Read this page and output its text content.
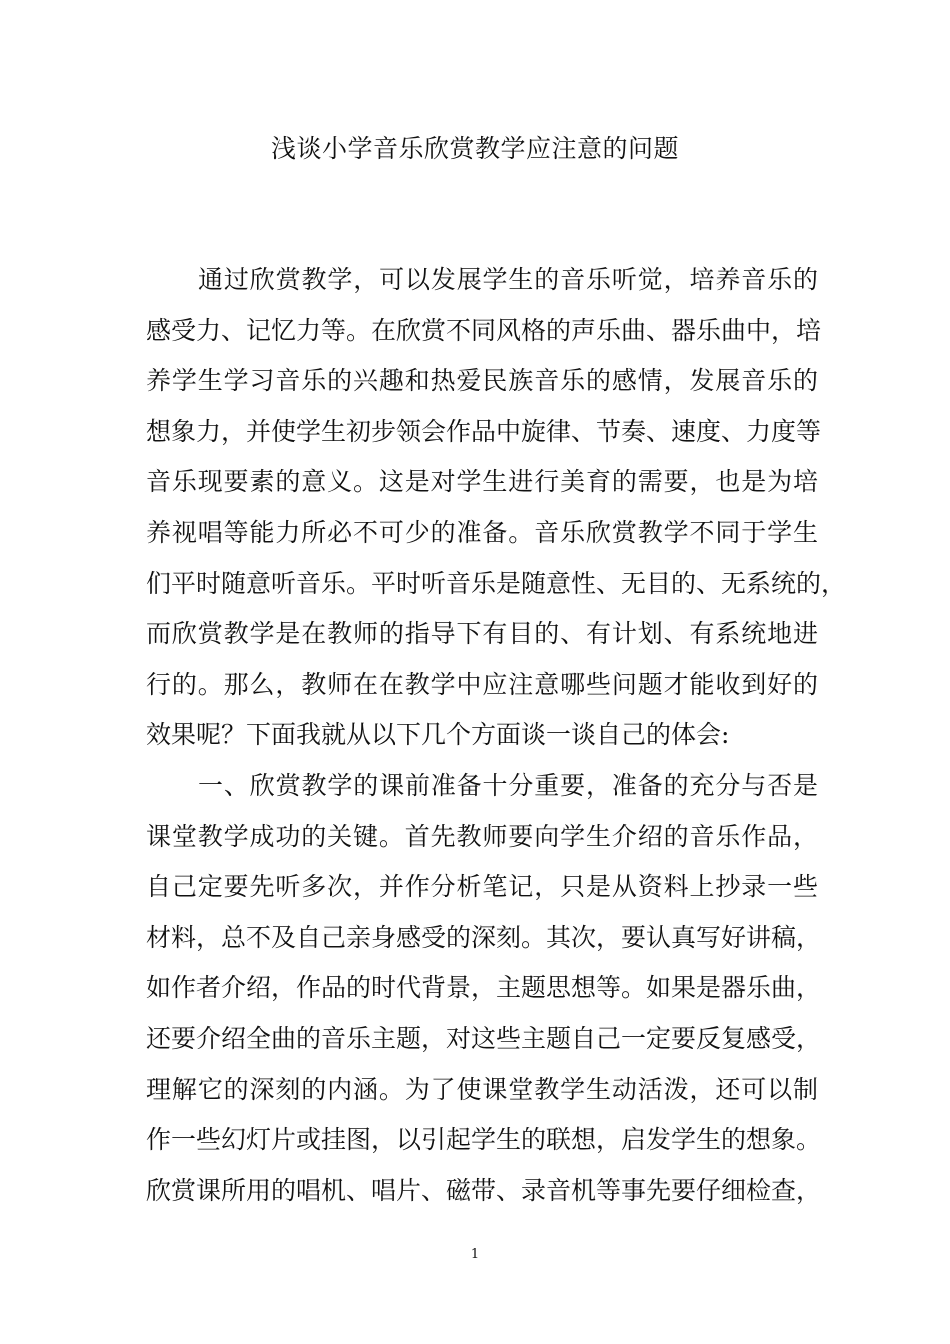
浅谈小学音乐欣赏教学应注意的问题
通过欣赏教学，可以发展学生的音乐听觉，培养音乐的
感受力、记忆力等。在欣赏不同风格的声乐曲、器乐曲中，培
养学生学习音乐的兴趣和热爱民族音乐的感情，发展音乐的
想象力，并使学生初步领会作品中旋律、节奏、速度、力度等
音乐现要素的意义。这是对学生进行美育的需要，也是为培
养视唱等能力所必不可少的准备。音乐欣赏教学不同于学生
们平时随意听音乐。平时听音乐是随意性、无目的、无系统的，
而欣赏教学是在教师的指导下有目的、有计划、有系统地进
行的。那么，教师在在教学中应注意哪些问题才能收到好的
效果呢？下面我就从以下几个方面谈一谈自己的体会:
一、欣赏教学的课前准备十分重要，准备的充分与否是
课堂教学成功的关键。首先教师要向学生介绍的音乐作品，
自己定要先听多次，并作分析笔记，只是从资料上抄录一些
材料，总不及自己亲身感受的深刻。其次，要认真写好讲稿，
如作者介绍，作品的时代背景，主题思想等。如果是器乐曲，
还要介绍全曲的音乐主题，对这些主题自己一定要反复感受，
理解它的深刻的内涵。为了使课堂教学生动活泼，还可以制
作一些幻灯片或挂图，以引起学生的联想，启发学生的想象。
欣赏课所用的唱机、唱片、磁带、录音机等事先要仔细检查，
1
